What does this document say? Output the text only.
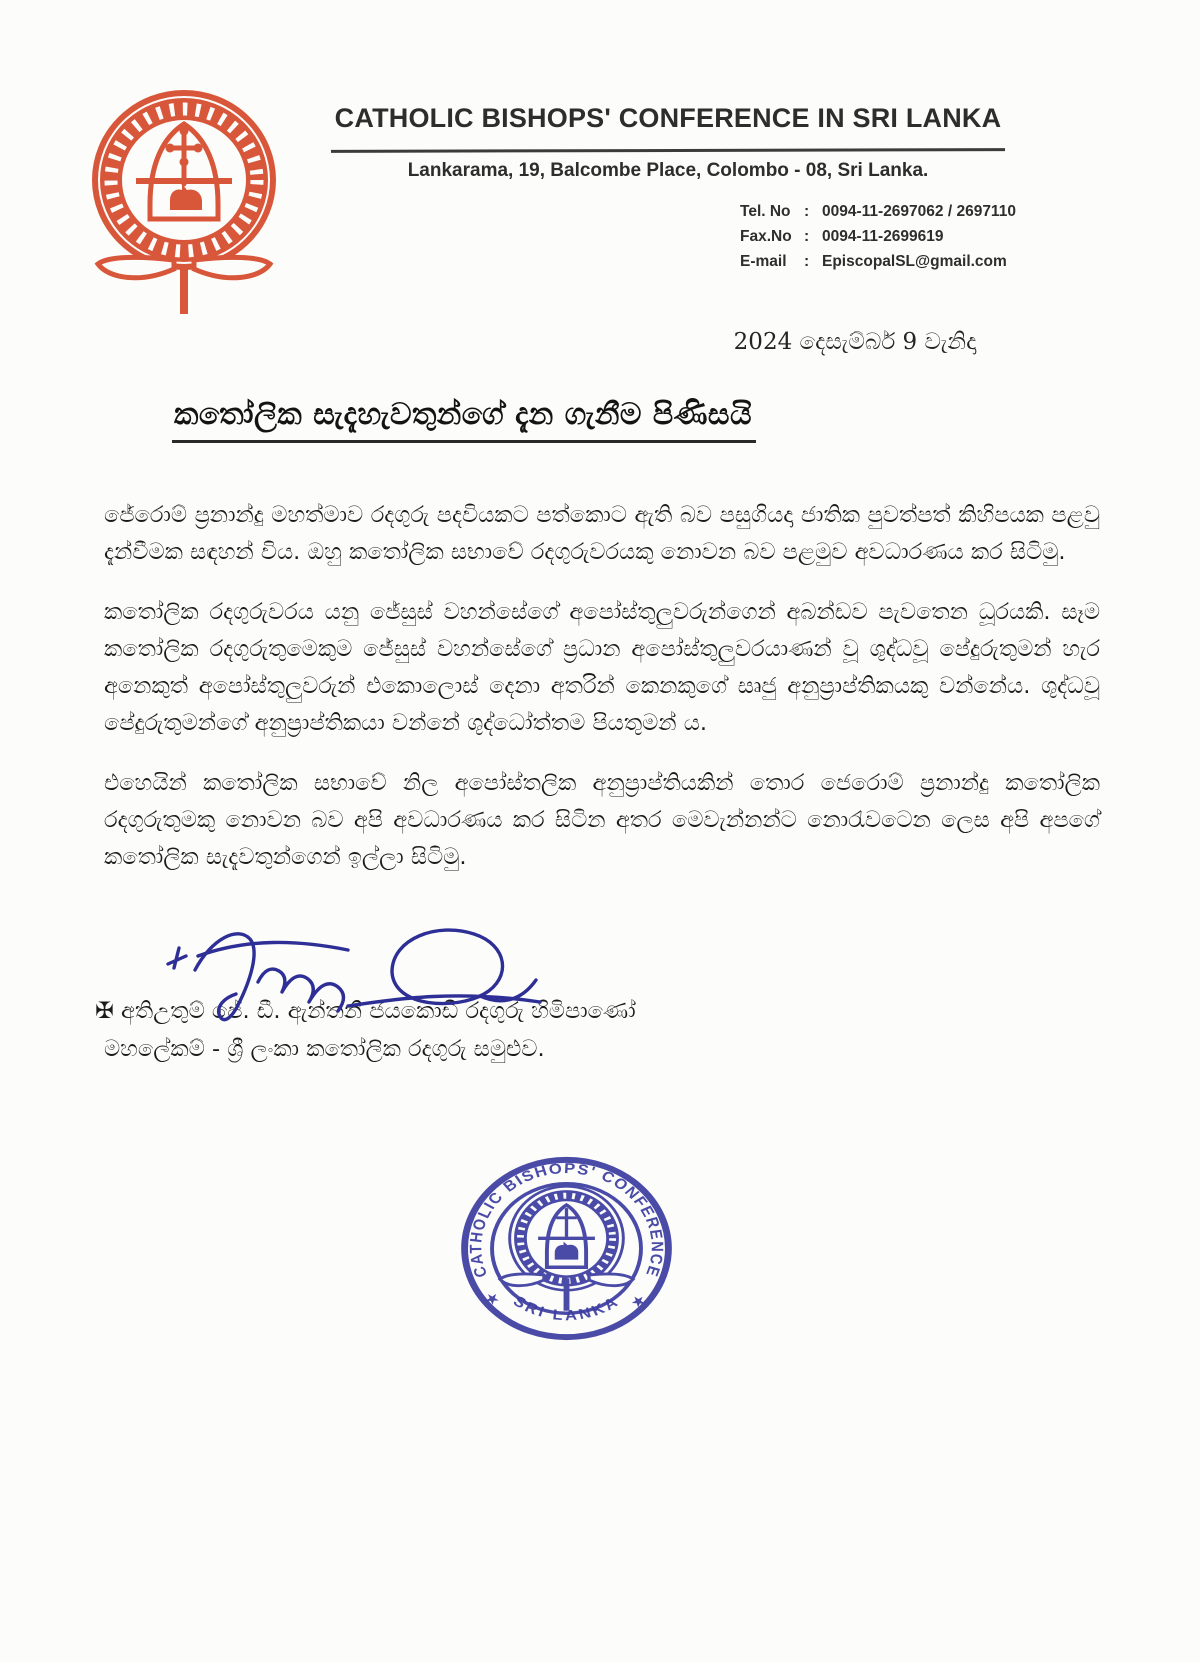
CATHOLIC BISHOPS' CONFERENCE IN SRI LANKA
Lankarama, 19, Balcombe Place, Colombo - 08, Sri Lanka.
Tel. No : 0094-11-2697062 / 2697110
Fax.No : 0094-11-2699619
E-mail	: EpiscopalSL@gmail.com
2024 දෙසැම්බර් 9 වැනිදා
කතෝලික සැදැහැවතුන්ගේ දැන ගැනීම පිණිසයි

ජේරොම් ප්‍රනාන්දු මහත්මාව රදගුරු පදවියකට පත්කොට ඇති බව පසුගියදා ජාතික පුවත්පත් කිහිපයක පළවු දැන්වීමක සඳහන් විය. ඔහු කතෝලික සභාවේ රදගුරුවරයකු නොවන බව පළමුව අවධාරණය කර සිටිමු.

කතෝලික රදගුරුවරය යනු ජේසුස් වහන්සේගේ අපෝස්තුලුවරුන්ගෙන් අබන්ඩව පැවතෙන ධූරයකි. සෑම කතෝලික රදගුරුතුමෙකුම ජේසුස් වහන්සේගේ ප්‍රධාන අපෝස්තුලුවරයාණන් වූ ශුද්ධවූ පේදුරුතුමන් හැර අනෙකුත් අපෝස්තුලුවරුන් එකොලොස් දෙනා අතරින් කෙනකුගේ සෘජු අනුප්‍රාප්තිකයකු වන්නේය. ශුද්ධවූ පේදුරුතුමන්ගේ අනුප්‍රාප්තිකයා වන්නේ ශුද්ධෝත්තම පියතුමන් ය.

එහෙයින් කතෝලික සභාවේ නිල අපෝස්තලික අනුප්‍රාප්තියකින් තොර ජෙරොම් ප්‍රනාන්දු කතෝලික රදගුරුතුමකු නොවන බව අපි අවධාරණය කර සිටින අතර මෙවැන්නන්ට නොරැවටෙන ලෙස අපි අපගේ කතෝලික සැදැවතුන්ගෙන් ඉල්ලා සිටිමු.

✠ අතිඋතුම් ජේ. ඩී. ඇන්තනී ජයකොඩි රදගුරු හිමිපාණෝ
මහලේකම් - ශ්‍රී ලංකා කතෝලික රදගුරු සමුළුව.
CATHOLIC BISHOPS' CONFERENCE
SRI LANKA
★	★
